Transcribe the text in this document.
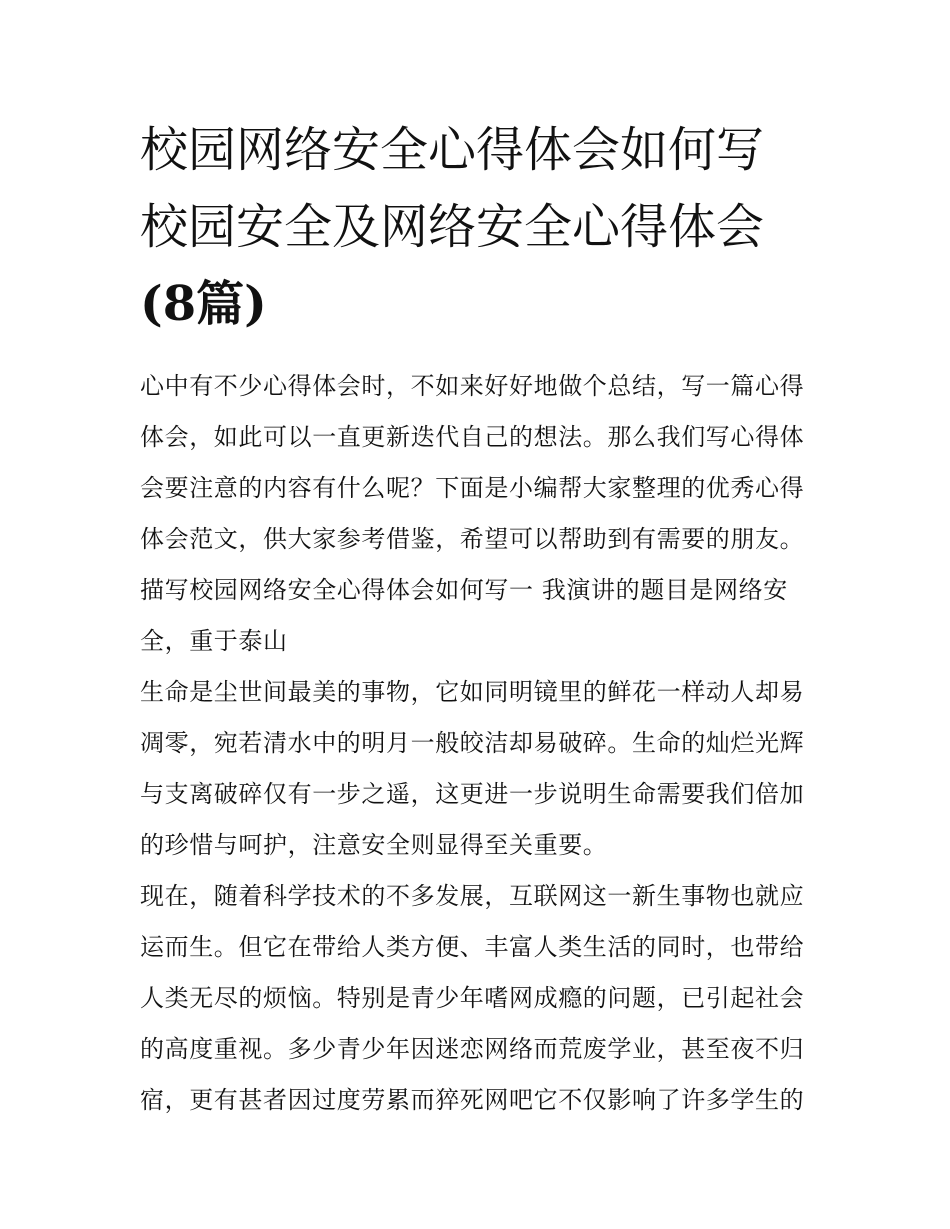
校园网络安全心得体会如何写
校园安全及网络安全心得体会
(8篇)

心中有不少心得体会时，不如来好好地做个总结，写一篇心得
体会，如此可以一直更新迭代自己的想法。那么我们写心得体
会要注意的内容有什么呢？下面是小编帮大家整理的优秀心得
体会范文，供大家参考借鉴，希望可以帮助到有需要的朋友。

描写校园网络安全心得体会如何写一 我演讲的题目是网络安
全，重于泰山

生命是尘世间最美的事物，它如同明镜里的鲜花一样动人却易
凋零，宛若清水中的明月一般皎洁却易破碎。生命的灿烂光辉
与支离破碎仅有一步之遥，这更进一步说明生命需要我们倍加
的珍惜与呵护，注意安全则显得至关重要。

现在，随着科学技术的不多发展，互联网这一新生事物也就应
运而生。但它在带给人类方便、丰富人类生活的同时，也带给
人类无尽的烦恼。特别是青少年嗜网成瘾的问题，已引起社会
的高度重视。多少青少年因迷恋网络而荒废学业，甚至夜不归
宿，更有甚者因过度劳累而猝死网吧它不仅影响了许多学生的
